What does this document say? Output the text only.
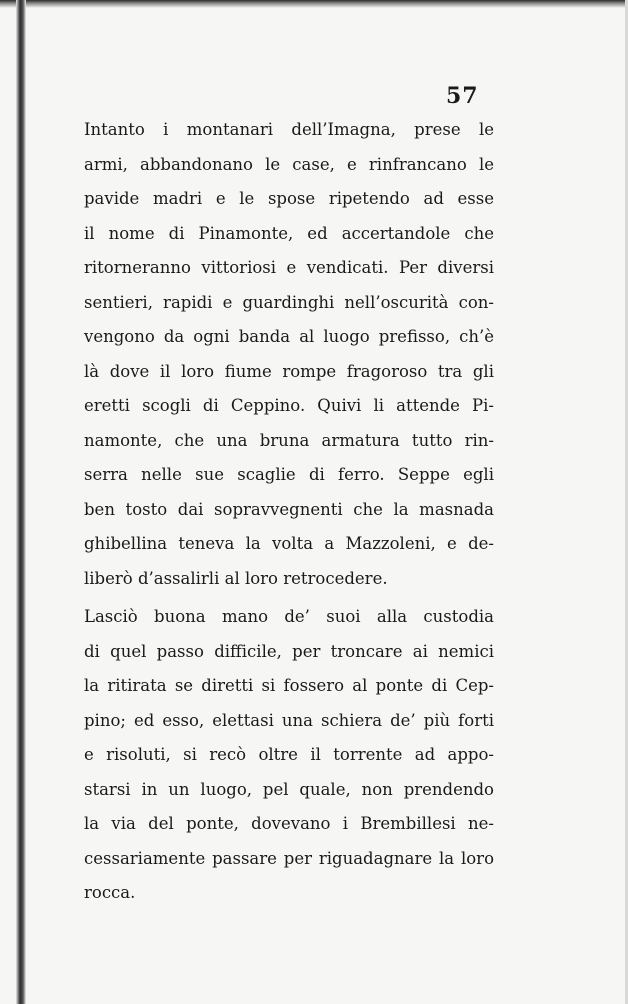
57

Intanto i montanari dell’Imagna, prese le
armi, abbandonano le case, e rinfrancano le
pavide madri e le spose ripetendo ad esse
il nome di Pinamonte, ed accertandole che
ritorneranno vittoriosi e vendicati. Per diversi
sentieri, rapidi e guardinghi nell’oscurità con-
vengono da ogni banda al luogo prefisso, ch’è
là dove il loro fiume rompe fragoroso tra gli
eretti scogli di Ceppino. Quivi li attende Pi-
namonte, che una bruna armatura tutto rin-
serra nelle sue scaglie di ferro. Seppe egli
ben tosto dai sopravvegnenti che la masnada
ghibellina teneva la volta a Mazzoleni, e de-
liberò d’assalirli al loro retrocedere.

Lasciò buona mano de’ suoi alla custodia
di quel passo difficile, per troncare ai nemici
la ritirata se diretti si fossero al ponte di Cep-
pino; ed esso, elettasi una schiera de’ più forti
e risoluti, si recò oltre il torrente ad appo-
starsi in un luogo, pel quale, non prendendo
la via del ponte, dovevano i Brembillesi ne-
cessariamente passare per riguadagnare la loro
rocca.
